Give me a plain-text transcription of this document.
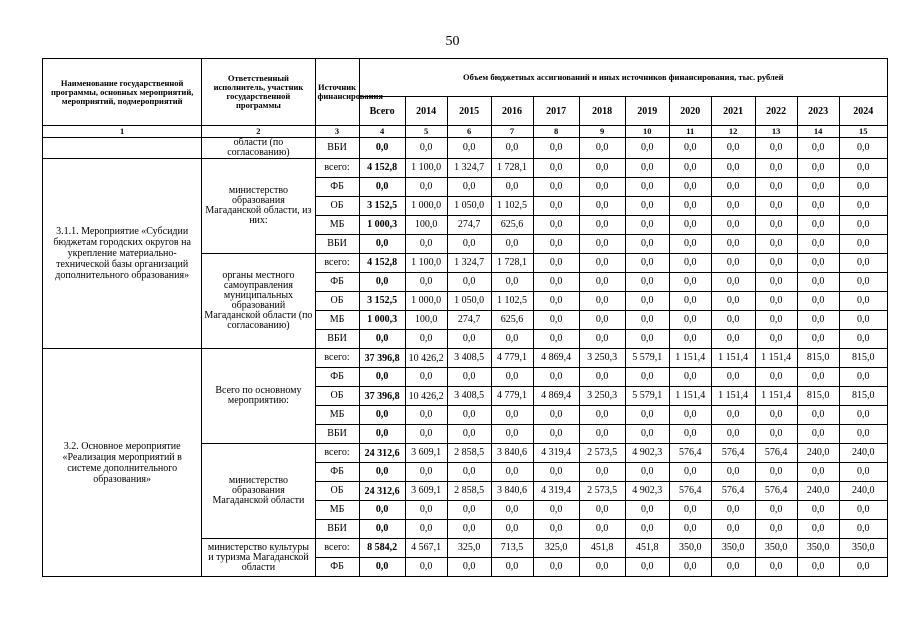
50
Наименование государственной программы, основных мероприятий, мероприятий, подмероприятий	Ответственный исполнитель, участник государственной программы	Источник финансирования	Объем бюджетных ассигнований и иных источников финансирования, тыс. рублей											
			Всего	2014	2015	2016	2017	2018	2019	2020	2021	2022	2023	2024
1	2	3	4	5	6	7	8	9	10	11	12	13	14	15
	области (по согласованию)	ВБИ	0,0	0,0	0,0	0,0	0,0	0,0	0,0	0,0	0,0	0,0	0,0	0,0
3.1.1. Мероприятие «Субсидии бюджетам городских округов на укрепление материально-технической базы организаций дополнительного образования»	министерство образования Магаданской области, из них:	всего:	4 152,8	1 100,0	1 324,7	1 728,1	0,0	0,0	0,0	0,0	0,0	0,0	0,0	0,0
		ФБ	0,0	0,0	0,0	0,0	0,0	0,0	0,0	0,0	0,0	0,0	0,0	0,0
		ОБ	3 152,5	1 000,0	1 050,0	1 102,5	0,0	0,0	0,0	0,0	0,0	0,0	0,0	0,0
		МБ	1 000,3	100,0	274,7	625,6	0,0	0,0	0,0	0,0	0,0	0,0	0,0	0,0
		ВБИ	0,0	0,0	0,0	0,0	0,0	0,0	0,0	0,0	0,0	0,0	0,0	0,0
	органы местного самоуправления муниципальных образований Магаданской области (по согласованию)	всего:	4 152,8	1 100,0	1 324,7	1 728,1	0,0	0,0	0,0	0,0	0,0	0,0	0,0	0,0
		ФБ	0,0	0,0	0,0	0,0	0,0	0,0	0,0	0,0	0,0	0,0	0,0	0,0
		ОБ	3 152,5	1 000,0	1 050,0	1 102,5	0,0	0,0	0,0	0,0	0,0	0,0	0,0	0,0
		МБ	1 000,3	100,0	274,7	625,6	0,0	0,0	0,0	0,0	0,0	0,0	0,0	0,0
		ВБИ	0,0	0,0	0,0	0,0	0,0	0,0	0,0	0,0	0,0	0,0	0,0	0,0
3.2. Основное мероприятие «Реализация мероприятий в системе дополнительного образования»	Всего по основному мероприятию:	всего:	37 396,8	10 426,2	3 408,5	4 779,1	4 869,4	3 250,3	5 579,1	1 151,4	1 151,4	1 151,4	815,0	815,0
		ФБ	0,0	0,0	0,0	0,0	0,0	0,0	0,0	0,0	0,0	0,0	0,0	0,0
		ОБ	37 396,8	10 426,2	3 408,5	4 779,1	4 869,4	3 250,3	5 579,1	1 151,4	1 151,4	1 151,4	815,0	815,0
		МБ	0,0	0,0	0,0	0,0	0,0	0,0	0,0	0,0	0,0	0,0	0,0	0,0
		ВБИ	0,0	0,0	0,0	0,0	0,0	0,0	0,0	0,0	0,0	0,0	0,0	0,0
	министерство образования Магаданской области	всего:	24 312,6	3 609,1	2 858,5	3 840,6	4 319,4	2 573,5	4 902,3	576,4	576,4	576,4	240,0	240,0
		ФБ	0,0	0,0	0,0	0,0	0,0	0,0	0,0	0,0	0,0	0,0	0,0	0,0
		ОБ	24 312,6	3 609,1	2 858,5	3 840,6	4 319,4	2 573,5	4 902,3	576,4	576,4	576,4	240,0	240,0
		МБ	0,0	0,0	0,0	0,0	0,0	0,0	0,0	0,0	0,0	0,0	0,0	0,0
		ВБИ	0,0	0,0	0,0	0,0	0,0	0,0	0,0	0,0	0,0	0,0	0,0	0,0
	министерство культуры и туризма Магаданской области	всего:	8 584,2	4 567,1	325,0	713,5	325,0	451,8	451,8	350,0	350,0	350,0	350,0	350,0
		ФБ	0,0	0,0	0,0	0,0	0,0	0,0	0,0	0,0	0,0	0,0	0,0	0,0
